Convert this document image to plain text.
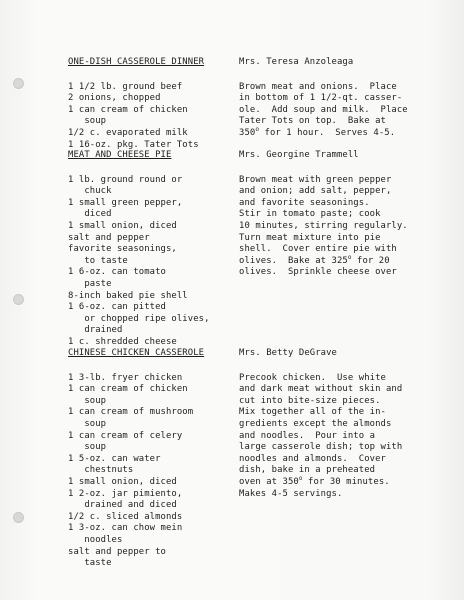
ONE-DISH CASSEROLE DINNER
1 1/2 lb. ground beef
2 onions, chopped
1 can cream of chicken
soup
1/2 c. evaporated milk
1 16-oz. pkg. Tater Tots
Mrs. Teresa Anzoleaga
Brown meat and onions.  Place
in bottom of 1 1/2-qt. casser-
ole.  Add soup and milk.  Place
Tater Tots on top.  Bake at
350$^o$ for 1 hour.  Serves 4-5.
MEAT AND CHEESE PIE
1 lb. ground round or
chuck
1 small green pepper,
diced
1 small onion, diced
salt and pepper
favorite seasonings,
to taste
1 6-oz. can tomato
paste
8-inch baked pie shell
1 6-oz. can pitted
or chopped ripe olives,
drained
1 c. shredded cheese
Mrs. Georgine Trammell
Brown meat with green pepper
and onion; add salt, pepper,
and favorite seasonings.
Stir in tomato paste; cook
10 minutes, stirring regularly.
Turn meat mixture into pie
shell.  Cover entire pie with
olives.  Bake at 325$^o$ for 20
olives.  Sprinkle cheese over
CHINESE CHICKEN CASSEROLE
1 3-lb. fryer chicken
1 can cream of chicken
soup
1 can cream of mushroom
soup
1 can cream of celery
soup
1 5-oz. can water
chestnuts
1 small onion, diced
1 2-oz. jar pimiento,
drained and diced
1/2 c. sliced almonds
1 3-oz. can chow mein
noodles
salt and pepper to
taste
Mrs. Betty DeGrave
Precook chicken.  Use white
and dark meat without skin and
cut into bite-size pieces.
Mix together all of the in-
gredients except the almonds
and noodles.  Pour into a
large casserole dish; top with
noodles and almonds.  Cover
dish, bake in a preheated
oven at 350$^o$ for 30 minutes.
Makes 4-5 servings.
